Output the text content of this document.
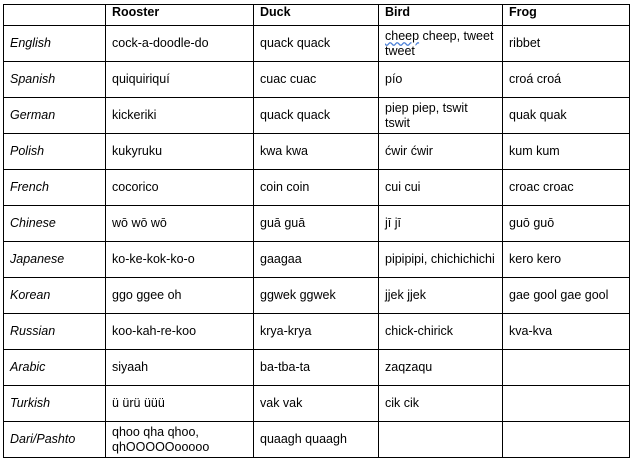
	Rooster	Duck	Bird	Frog
English	cock-a-doodle-do	quack quack	cheep cheep, tweet tweet	ribbet
Spanish	quiquiriquí	cuac cuac	pío	croá croá
German	kickeriki	quack quack	piep piep, tswit tswit	quak quak
Polish	kukyruku	kwa kwa	ćwir ćwir	kum kum
French	cocorico	coin coin	cui cui	croac croac
Chinese	wō wō wō	guā guā	jī jī	guō guō
Japanese	ko-ke-kok-ko-o	gaagaa	pipipipi, chichichichi	kero kero
Korean	ggo ggee oh	ggwek ggwek	jjek jjek	gae gool gae gool
Russian	koo-kah-re-koo	krya-krya	chick-chirick	kva-kva
Arabic	siyaah	ba-tba-ta	zaqzaqu	
Turkish	ü ürü üüü	vak vak	cik cik	
Dari/Pashto	qhoo qha qhoo, qhOOOOOooooo	quaagh quaagh		
